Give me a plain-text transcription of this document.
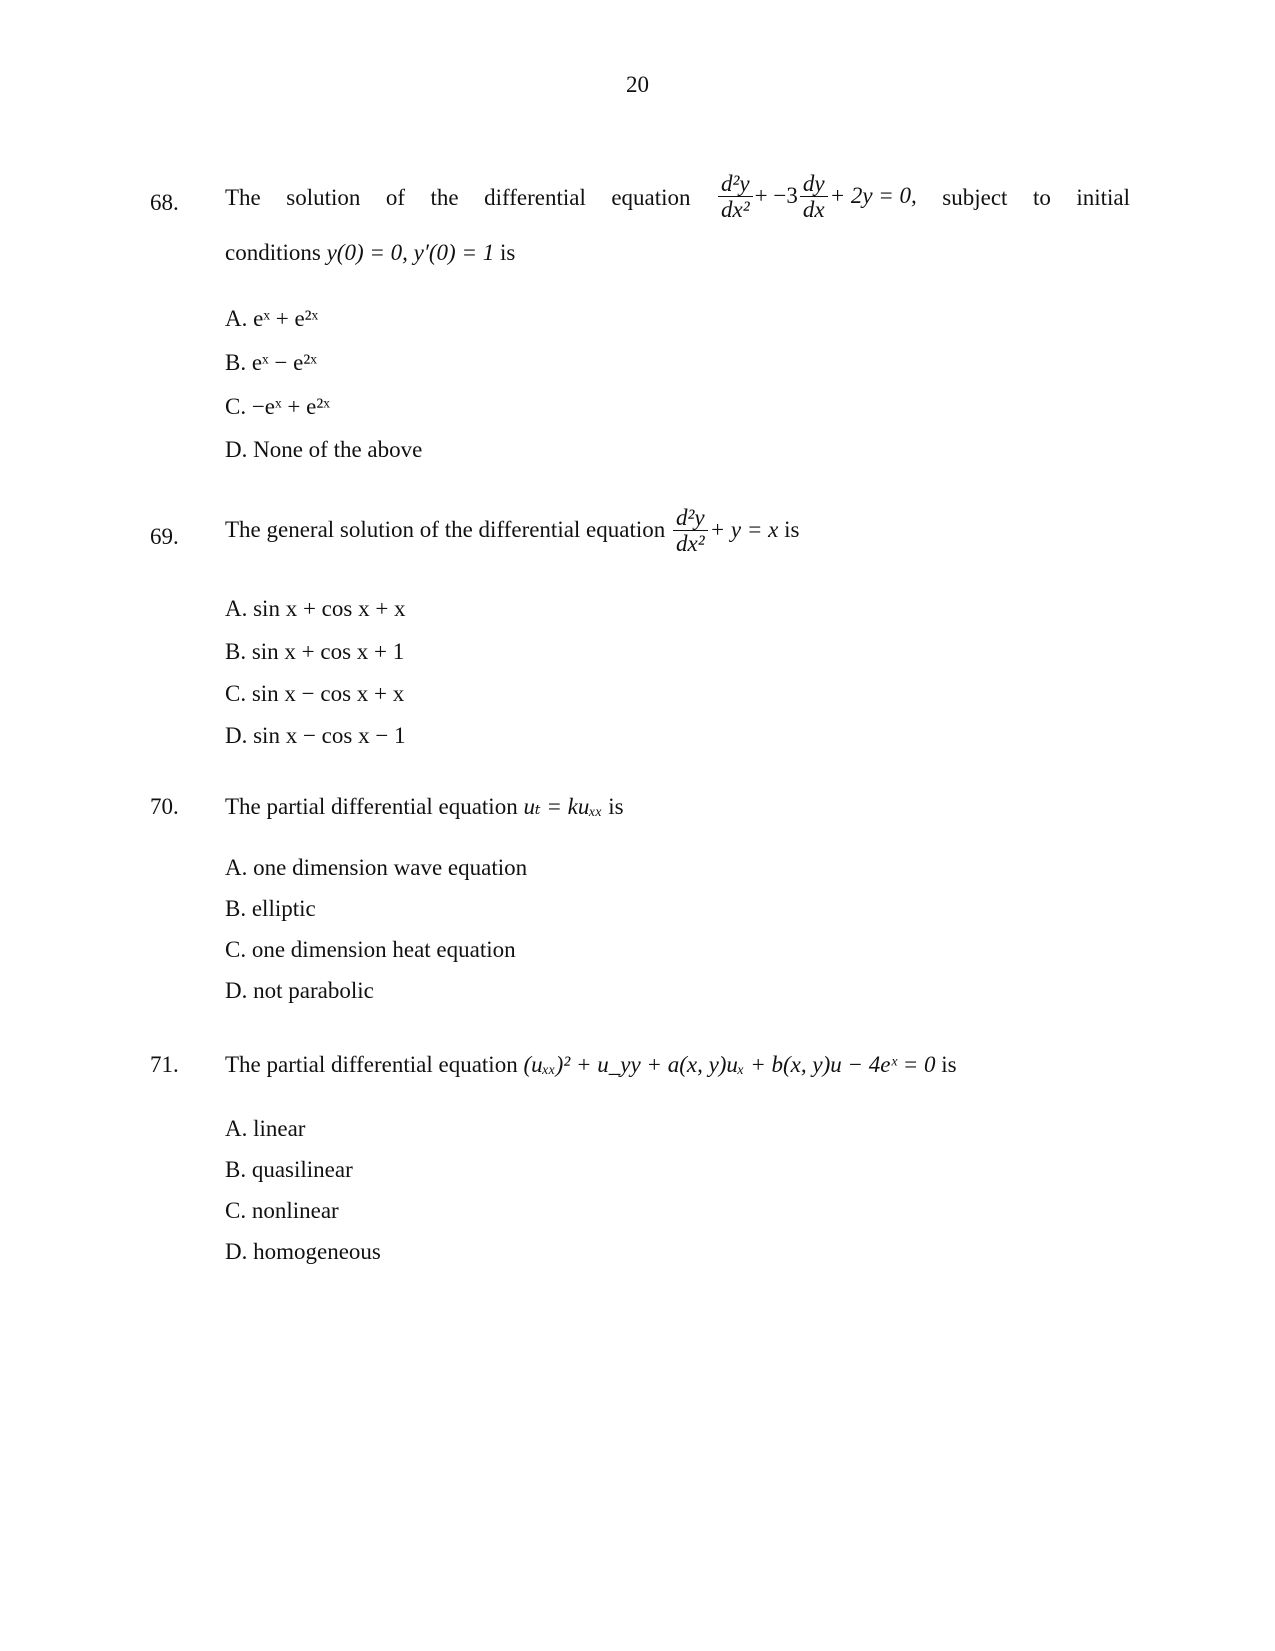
20
68. The solution of the differential equation $\frac{\text{d²y}}{\text{dx²}} + -3 \frac{dy}{dx} + 2y = 0$, subject to initial
conditions y(0) = 0, y′(0) = 1 is
A. eˣ + e²ˣ
B. eˣ − e²ˣ
C. −eˣ + e²ˣ
D. None of the above
69. The general solution of the differential equation $\frac{\text{d²y}}{\text{dx²}} + y = x$ is
A. sin x + cos x + x
B. sin x + cos x + 1
C. sin x − cos x + x
D. sin x − cos x − 1
70. The partial differential equation uₜ = kuₓₓ is
A. one dimension wave equation
B. elliptic
C. one dimension heat equation
D. not parabolic
71. The partial differential equation (uₓₓ)² + u_yy + a(x, y)uₓ + b(x, y)u − 4eˣ = 0 is
A. linear
B. quasilinear
C. nonlinear
D. homogeneous
